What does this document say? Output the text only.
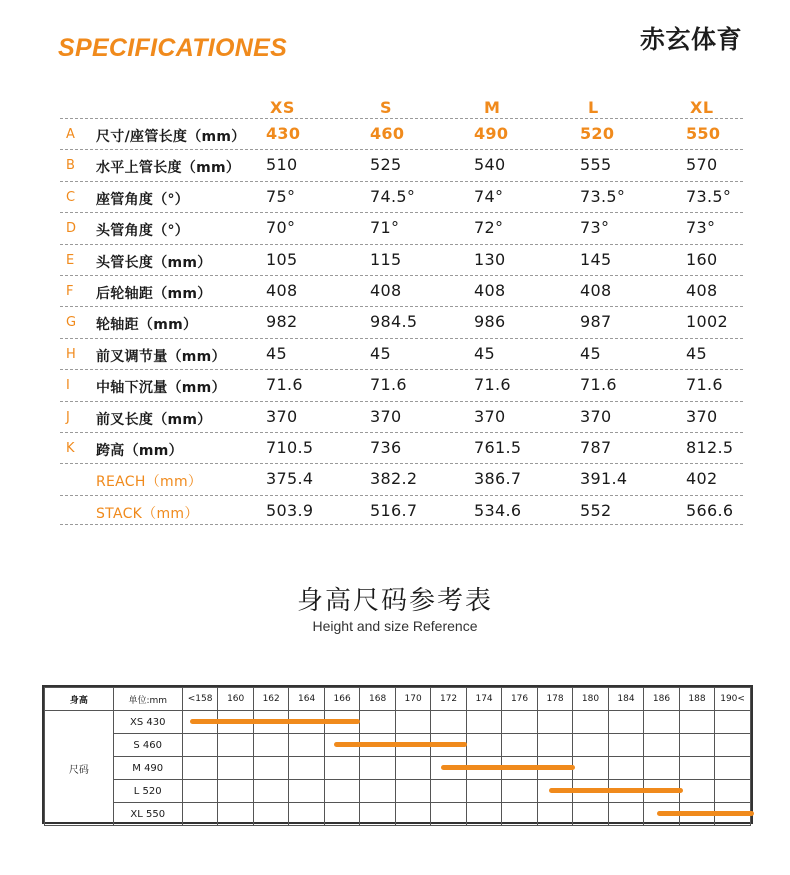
SPECIFICATIONES	赤玄体育
XS	S	M	L	XL
A 尺寸/座管长度（mm） 430	460	490	520	550
B 水平上管长度（mm） 510	525	540	555	570
C 座管角度（°）	75°	74.5°	74°	73.5°	73.5°
D 头管角度（°）	70°	71°	72°	73°	73°
E 头管长度（mm）	105	115	130	145	160
F 后轮轴距（mm）	408	408	408	408	408
G 轮轴距（mm）	982	984.5	986	987	1002
H 前叉调节量（mm）	45	45	45	45	45
I 中轴下沉量（mm）	71.6	71.6	71.6	71.6	71.6
J 前叉长度（mm）	370	370	370	370	370
K 跨高（mm）	710.5	736	761.5	787	812.5
REACH（mm）	375.4	382.2	386.7	391.4	402
STACK（mm）	503.9	516.7	534.6	552	566.6
身高尺码参考表
Height and size Reference
身高	单位:mm	<158	160	162	164	166	168	170	172	174	176	178	180	184	186	188	190<
尺码	XS 430																
	S 460																
	M 490																
	L 520																
	XL 550																
